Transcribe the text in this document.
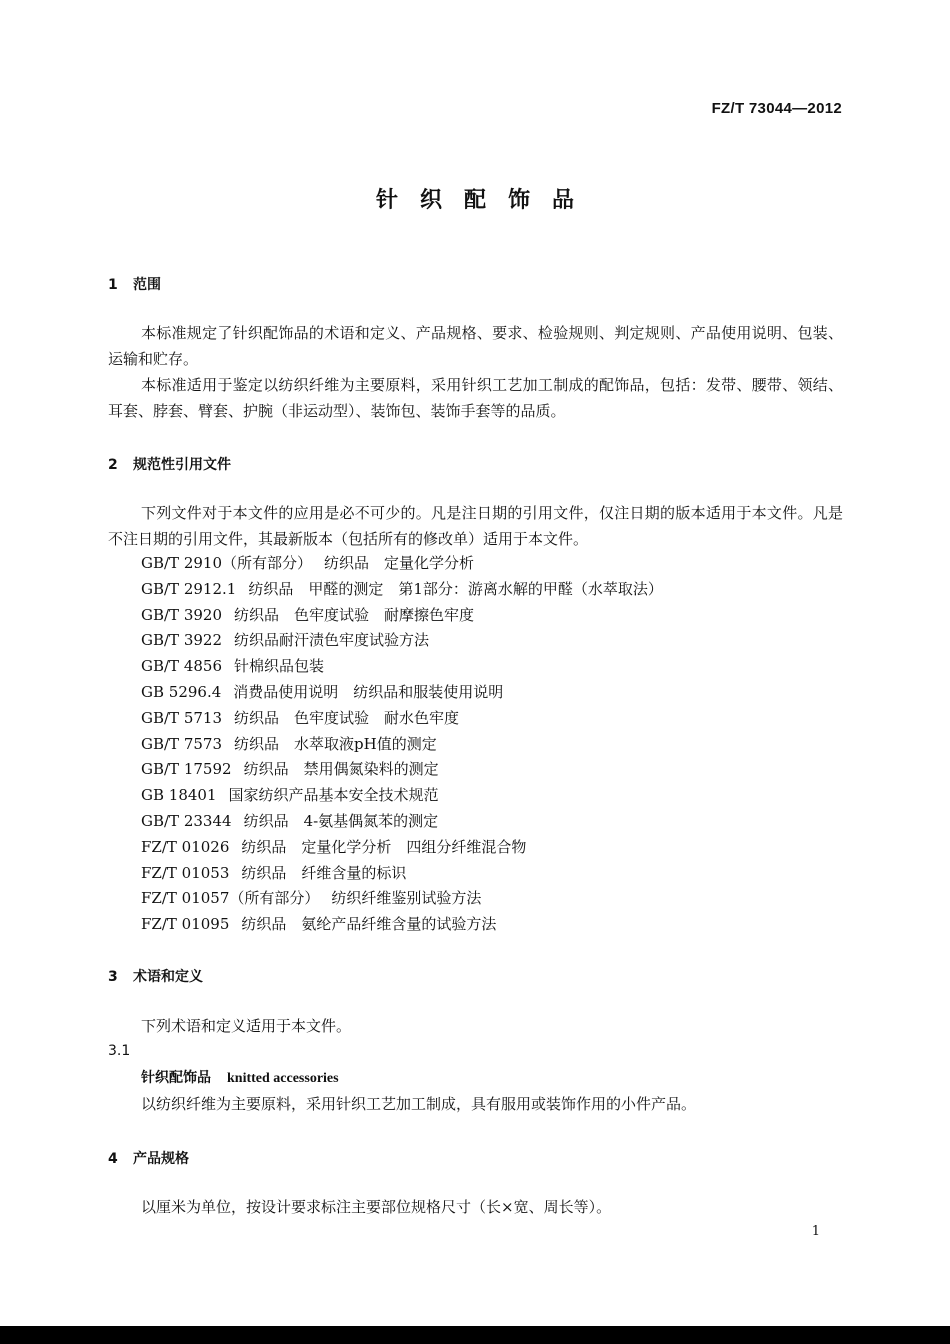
FZ/T 73044—2012
针织配饰品
1 范围
本标准规定了针织配饰品的术语和定义、产品规格、要求、检验规则、判定规则、产品使用说明、包装、运输和贮存。
本标准适用于鉴定以纺织纤维为主要原料，采用针织工艺加工制成的配饰品，包括：发带、腰带、领结、耳套、脖套、臂套、护腕（非运动型）、装饰包、装饰手套等的品质。
2 规范性引用文件
下列文件对于本文件的应用是必不可少的。凡是注日期的引用文件，仅注日期的版本适用于本文件。凡是不注日期的引用文件，其最新版本（包括所有的修改单）适用于本文件。
GB/T 2910（所有部分） 纺织品　定量化学分析
GB/T 2912.1 纺织品　甲醛的测定　第1部分：游离水解的甲醛（水萃取法）
GB/T 3920 纺织品　色牢度试验　耐摩擦色牢度
GB/T 3922 纺织品耐汗渍色牢度试验方法
GB/T 4856 针棉织品包装
GB 5296.4 消费品使用说明　纺织品和服装使用说明
GB/T 5713 纺织品　色牢度试验　耐水色牢度
GB/T 7573 纺织品　水萃取液pH值的测定
GB/T 17592 纺织品　禁用偶氮染料的测定
GB 18401 国家纺织产品基本安全技术规范
GB/T 23344 纺织品　4-氨基偶氮苯的测定
FZ/T 01026 纺织品　定量化学分析　四组分纤维混合物
FZ/T 01053 纺织品　纤维含量的标识
FZ/T 01057（所有部分） 纺织纤维鉴别试验方法
FZ/T 01095 纺织品　氨纶产品纤维含量的试验方法
3 术语和定义
下列术语和定义适用于本文件。
3.1
针织配饰品 knitted accessories
以纺织纤维为主要原料，采用针织工艺加工制成，具有服用或装饰作用的小件产品。
4 产品规格
以厘米为单位，按设计要求标注主要部位规格尺寸（长×宽、周长等）。
1
